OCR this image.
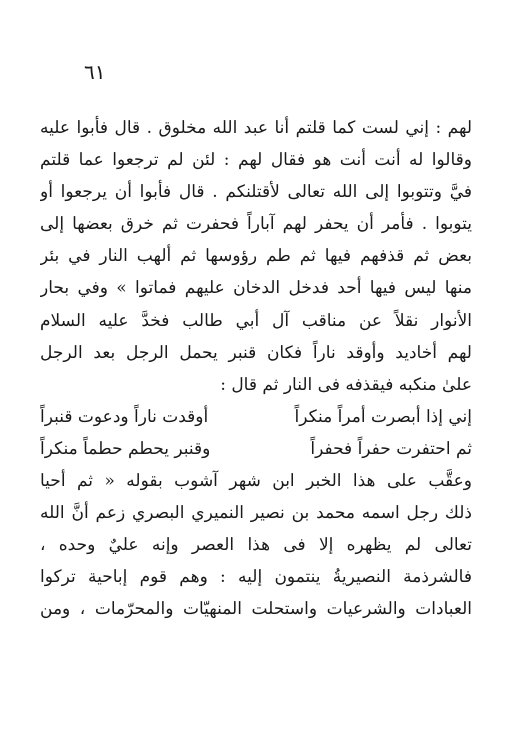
٦١
لهم : إني لست كما قلتم أنا عبد الله مخلوق . قال فأبوا عليه
وقالوا له أنت أنت هو فقال لهم : لئن لم ترجعوا عما قلتم
فيَّ وتتوبوا إلى الله تعالى لأقتلنكم . قال فأبوا أن يرجعوا أو
يتوبوا . فأمر أن يحفر لهم آباراً فحفرت ثم خرق بعضها إلى
بعض ثم قذفهم فيها ثم طم رؤوسها ثم ألهب النار في بئر
منها ليس فيها أحد فدخل الدخان عليهم فماتوا » وفي بحار
الأنوار نقلاً عن مناقب آل أبي طالب فخدَّ عليه السلام
لهم أخاديد وأوقد ناراً فكان قنبر يحمل الرجل بعد الرجل
علىٰ منكبه فيقذفه فى النار ثم قال :
إني إذا أبصرت أمراً منكراً
أوقدت ناراً ودعوت قنبراً
ثم احتفرت حفراً فحفراً
وقنبر يحطم حطماً منكراً
وعقَّب على هذا الخبر ابن شهر آشوب بقوله « ثم أحيا
ذلك رجل اسمه محمد بن نصير النميري البصري زعم أنَّ الله
تعالى لم يظهره إلا فى هذا العصر وإنه عليٌ وحده ،
فالشرذمة النصيريةُ ينتمون إليه : وهم قوم إباحية تركوا
العبادات والشرعيات واستحلت المنهيّات والمحرّمات ، ومن
